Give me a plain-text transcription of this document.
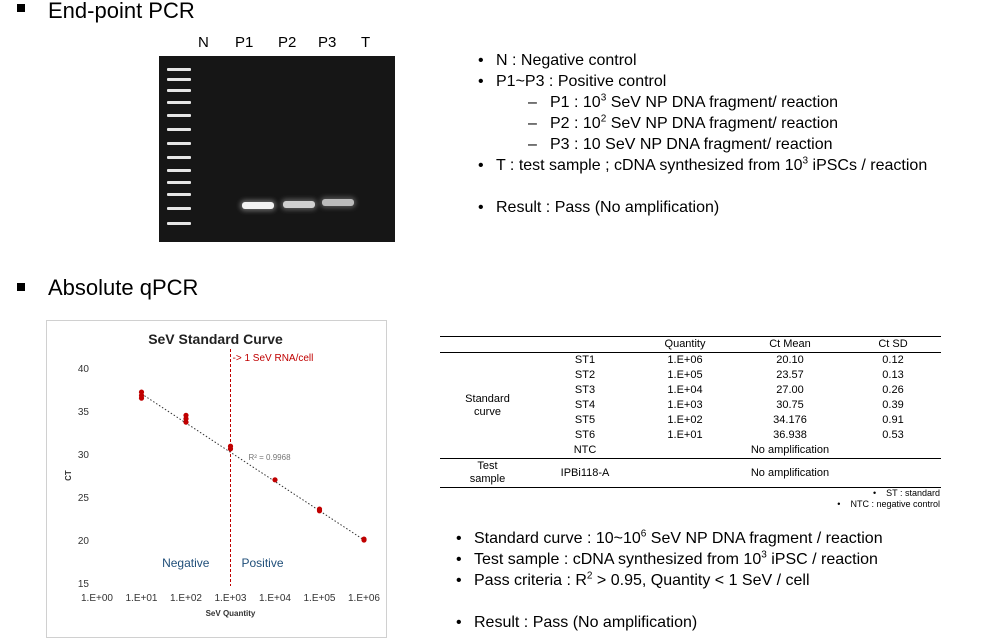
End-point PCR
N P1 P2 P3 T
• N : Negative control
• P1~P3 : Positive control
– P1 : $10^3$ SeV NP DNA fragment/ reaction
– P2 : $10^2$ SeV NP DNA fragment/ reaction
– P3 : 10 SeV NP DNA fragment/ reaction
• T : test sample ; cDNA synthesized from $10^3$ iPSCs / reaction
• Result : Pass (No amplification)
Absolute qPCR
SeV Standard Curve
15
20
25
30
35
40
1.E+00 1.E+01 1.E+02 1.E+03 1.E+04 1.E+05 1.E+06
SeV Quantity
CT
-> 1 SeV RNA/cell
R² = 0.9968
Negative	Positive
		Quantity	Ct Mean	Ct SD
Standard
curve	ST1	1.E+06	20.10	0.12
	ST2	1.E+05	23.57	0.13
	ST3	1.E+04	27.00	0.26
	ST4	1.E+03	30.75	0.39
	ST5	1.E+02	34.176	0.91
	ST6	1.E+01	36.938	0.53
	NTC		No amplification	
Test
sample	IPBi118-A		No amplification	
•    ST : standard
•    NTC : negative control
• Standard curve : $10\sim 10^6$ SeV NP DNA fragment / reaction
• Test sample : cDNA synthesized from $10^3$ iPSC / reaction
• Pass criteria : $R^2 > 0.95$, Quantity < 1 SeV / cell
• Result : Pass (No amplification)
